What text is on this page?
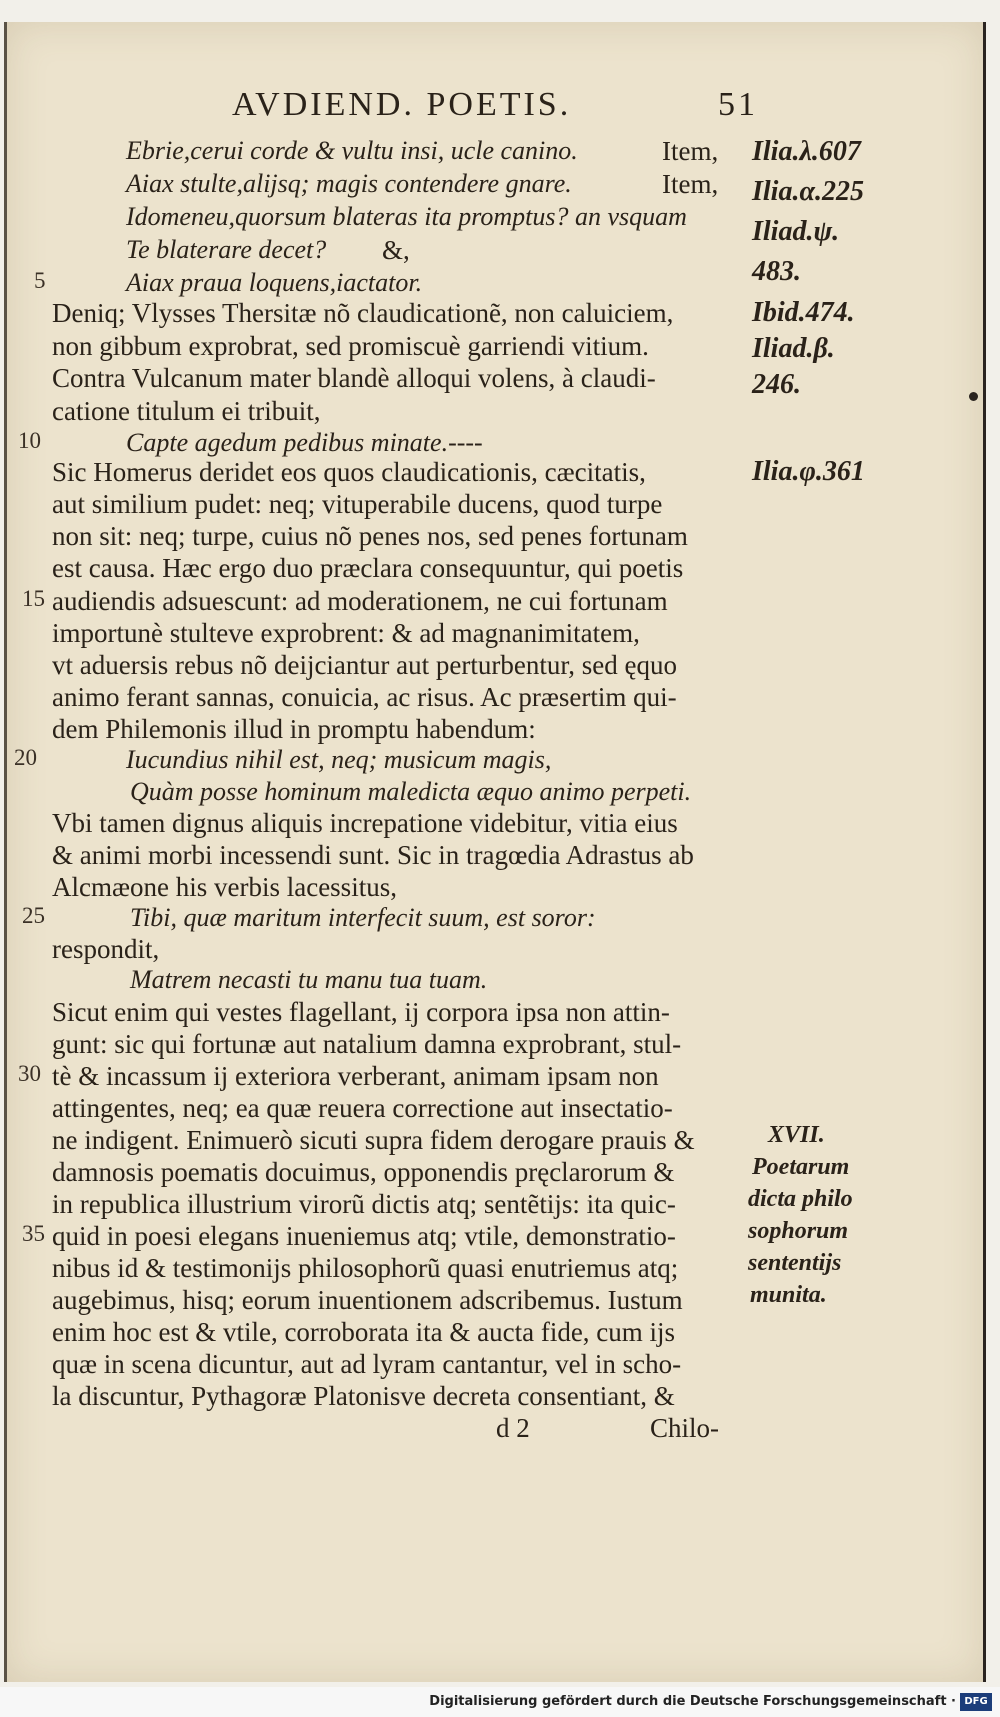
AVDIEND. POETIS.	51
Ebrie,cerui corde & vultu insi, ucle canino.	Item,
Aiax stulte,alijsq; magis contendere gnare.	Item,
Idomeneu,quorsum blateras ita promptus? an vsquam
Te blaterare decet? &,
Aiax praua loquens,iactator.
Deniq; Vlysses Thersitæ nõ claudicationẽ, non caluiciem,
non gibbum exprobrat, sed promiscuè garriendi vitium.
Contra Vulcanum mater blandè alloqui volens, à claudi-
catione titulum ei tribuit,
Capte agedum pedibus minate.----
Sic Homerus deridet eos quos claudicationis, cæcitatis,
aut similium pudet: neq; vituperabile ducens, quod turpe
non sit: neq; turpe, cuius nõ penes nos, sed penes fortunam
est causa. Hæc ergo duo præclara consequuntur, qui poetis
audiendis adsuescunt: ad moderationem, ne cui fortunam
importunè stulteve exprobrent: & ad magnanimitatem,
vt aduersis rebus nõ deijciantur aut perturbentur, sed ęquo
animo ferant sannas, conuicia, ac risus. Ac præsertim qui-
dem Philemonis illud in promptu habendum:
Iucundius nihil est, neq; musicum magis,
Quàm posse hominum maledicta æquo animo perpeti.
Vbi tamen dignus aliquis increpatione videbitur, vitia eius
& animi morbi incessendi sunt. Sic in tragœdia Adrastus ab
Alcmæone his verbis lacessitus,
Tibi, quæ maritum interfecit suum, est soror:
respondit,
Matrem necasti tu manu tua tuam.
Sicut enim qui vestes flagellant, ij corpora ipsa non attin-
gunt: sic qui fortunæ aut natalium damna exprobrant, stul-
tè & incassum ij exteriora verberant, animam ipsam non
attingentes, neq; ea quæ reuera correctione aut insectatio-
ne indigent. Enimuerò sicuti supra fidem derogare prauis &
damnosis poematis docuimus, opponendis pręclarorum &
in republica illustrium virorũ dictis atq; sentẽtijs: ita quic-
quid in poesi elegans inueniemus atq; vtile, demonstratio-
nibus id & testimonijs philosophorũ quasi enutriemus atq;
augebimus, hisq; eorum inuentionem adscribemus. Iustum
enim hoc est & vtile, corroborata ita & aucta fide, cum ijs
quæ in scena dicuntur, aut ad lyram cantantur, vel in scho-
la discuntur, Pythagoræ Platonisve decreta consentiant, &
5
10
15
20
25
30
35
Ilia.λ.607
Ilia.α.225
Iliad.ψ.
483.
Ibid.474.
Iliad.β.
246.
Ilia.φ.361
XVII.
Poetarum
dicta philo
sophorum
sententijs
munita.
d 2	Chilo-
Digitalisierung gefördert durch die Deutsche Forschungsgemeinschaft · DFG
